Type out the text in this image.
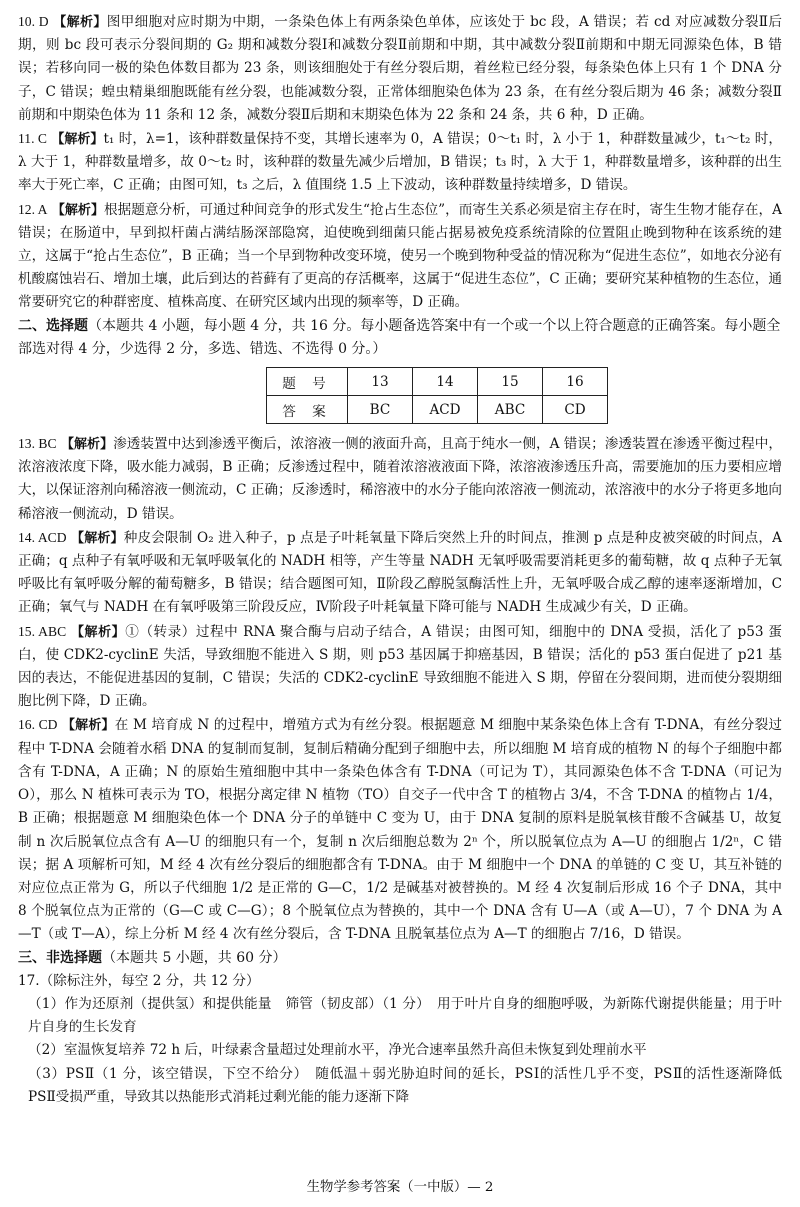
10. D 【解析】图甲细胞对应时期为中期，一条染色体上有两条染色单体，应该处于 bc 段，A 错误；若 cd 对应减数分裂Ⅱ后期，则 bc 段可表示分裂间期的 G₂ 期和减数分裂Ⅰ和减数分裂Ⅱ前期和中期，其中减数分裂Ⅱ前期和中期无同源染色体，B 错误；若移向同一极的染色体数目都为 23 条，则该细胞处于有丝分裂后期，着丝粒已经分裂，每条染色体上只有 1 个 DNA 分子，C 错误；蝗虫精巢细胞既能有丝分裂，也能减数分裂，正常体细胞染色体为 23 条，在有丝分裂后期为 46 条；减数分裂Ⅱ前期和中期染色体为 11 条和 12 条，减数分裂Ⅱ后期和末期染色体为 22 条和 24 条，共 6 种，D 正确。

11. C 【解析】t₁ 时，λ=1，该种群数量保持不变，其增长速率为 0，A 错误；0～t₁ 时，λ 小于 1，种群数量减少，t₁～t₂ 时，λ 大于 1，种群数量增多，故 0～t₂ 时，该种群的数量先减少后增加，B 错误；t₃ 时，λ 大于 1，种群数量增多，该种群的出生率大于死亡率，C 正确；由图可知，t₃ 之后，λ 值围绕 1.5 上下波动，该种群数量持续增多，D 错误。

12. A 【解析】根据题意分析，可通过种间竞争的形式发生“抢占生态位”，而寄生关系必须是宿主存在时，寄生生物才能存在，A 错误；在肠道中，早到拟杆菌占满结肠深部隐窝，迫使晚到细菌只能占据易被免疫系统清除的位置阻止晚到物种在该系统的建立，这属于“抢占生态位”，B 正确；当一个早到物种改变环境，使另一个晚到物种受益的情况称为“促进生态位”，如地衣分泌有机酸腐蚀岩石、增加土壤，此后到达的苔藓有了更高的存活概率，这属于“促进生态位”，C 正确；要研究某种植物的生态位，通常要研究它的种群密度、植株高度、在研究区域内出现的频率等，D 正确。

二、选择题（本题共 4 小题，每小题 4 分，共 16 分。每小题备选答案中有一个或一个以上符合题意的正确答案。每小题全部选对得 4 分，少选得 2 分，多选、错选、不选得 0 分。）

题 号	13	14	15	16
答 案	BC	ACD	ABC	CD

13. BC 【解析】渗透装置中达到渗透平衡后，浓溶液一侧的液面升高，且高于纯水一侧，A 错误；渗透装置在渗透平衡过程中，浓溶液浓度下降，吸水能力减弱，B 正确；反渗透过程中，随着浓溶液液面下降，浓溶液渗透压升高，需要施加的压力要相应增大，以保证溶剂向稀溶液一侧流动，C 正确；反渗透时，稀溶液中的水分子能向浓溶液一侧流动，浓溶液中的水分子将更多地向稀溶液一侧流动，D 错误。

14. ACD 【解析】种皮会限制 O₂ 进入种子，p 点是子叶耗氧量下降后突然上升的时间点，推测 p 点是种皮被突破的时间点，A 正确；q 点种子有氧呼吸和无氧呼吸氧化的 NADH 相等，产生等量 NADH 无氧呼吸需要消耗更多的葡萄糖，故 q 点种子无氧呼吸比有氧呼吸分解的葡萄糖多，B 错误；结合题图可知，Ⅱ阶段乙醇脱氢酶活性上升，无氧呼吸合成乙醇的速率逐渐增加，C 正确；氧气与 NADH 在有氧呼吸第三阶段反应，Ⅳ阶段子叶耗氧量下降可能与 NADH 生成减少有关，D 正确。

15. ABC 【解析】①（转录）过程中 RNA 聚合酶与启动子结合，A 错误；由图可知，细胞中的 DNA 受损，活化了 p53 蛋白，使 CDK2-cyclinE 失活，导致细胞不能进入 S 期，则 p53 基因属于抑癌基因，B 错误；活化的 p53 蛋白促进了 p21 基因的表达，不能促进基因的复制，C 错误；失活的 CDK2-cyclinE 导致细胞不能进入 S 期，停留在分裂间期，进而使分裂期细胞比例下降，D 正确。

16. CD 【解析】在 M 培育成 N 的过程中，增殖方式为有丝分裂。根据题意 M 细胞中某条染色体上含有 T-DNA，有丝分裂过程中 T-DNA 会随着水稻 DNA 的复制而复制，复制后精确分配到子细胞中去，所以细胞 M 培育成的植物 N 的每个子细胞中都含有 T-DNA，A 正确；N 的原始生殖细胞中其中一条染色体含有 T-DNA（可记为 T），其同源染色体不含 T-DNA（可记为 O），那么 N 植株可表示为 TO，根据分离定律 N 植物（TO）自交子一代中含 T 的植物占 3/4，不含 T-DNA 的植物占 1/4，B 正确；根据题意 M 细胞染色体一个 DNA 分子的单链中 C 变为 U，由于 DNA 复制的原料是脱氧核苷酸不含碱基 U，故复制 n 次后脱氧位点含有 A—U 的细胞只有一个，复制 n 次后细胞总数为 2ⁿ 个，所以脱氧位点为 A—U 的细胞占 1/2ⁿ，C 错误；据 A 项解析可知，M 经 4 次有丝分裂后的细胞都含有 T-DNA。由于 M 细胞中一个 DNA 的单链的 C 变 U，其互补链的对应位点正常为 G，所以子代细胞 1/2 是正常的 G—C，1/2 是碱基对被替换的。M 经 4 次复制后形成 16 个子 DNA，其中 8 个脱氧位点为正常的（G—C 或 C—G）；8 个脱氧位点为替换的，其中一个 DNA 含有 U—A（或 A—U），7 个 DNA 为 A—T（或 T—A），综上分析 M 经 4 次有丝分裂后，含 T-DNA 且脱氧基位点为 A—T 的细胞占 7/16，D 错误。

三、非选择题（本题共 5 小题，共 60 分）

17.（除标注外，每空 2 分，共 12 分）

（1）作为还原剂（提供氢）和提供能量　筛管（韧皮部）（1 分）　用于叶片自身的细胞呼吸，为新陈代谢提供能量；用于叶片自身的生长发育

（2）室温恢复培养 72 h 后，叶绿素含量超过处理前水平，净光合速率虽然升高但未恢复到处理前水平

（3）PSⅡ（1 分，该空错误，下空不给分）　随低温＋弱光胁迫时间的延长，PSⅠ的活性几乎不变，PSⅡ的活性逐渐降低　PSⅡ受损严重，导致其以热能形式消耗过剩光能的能力逐渐下降

生物学参考答案（一中版）— 2
